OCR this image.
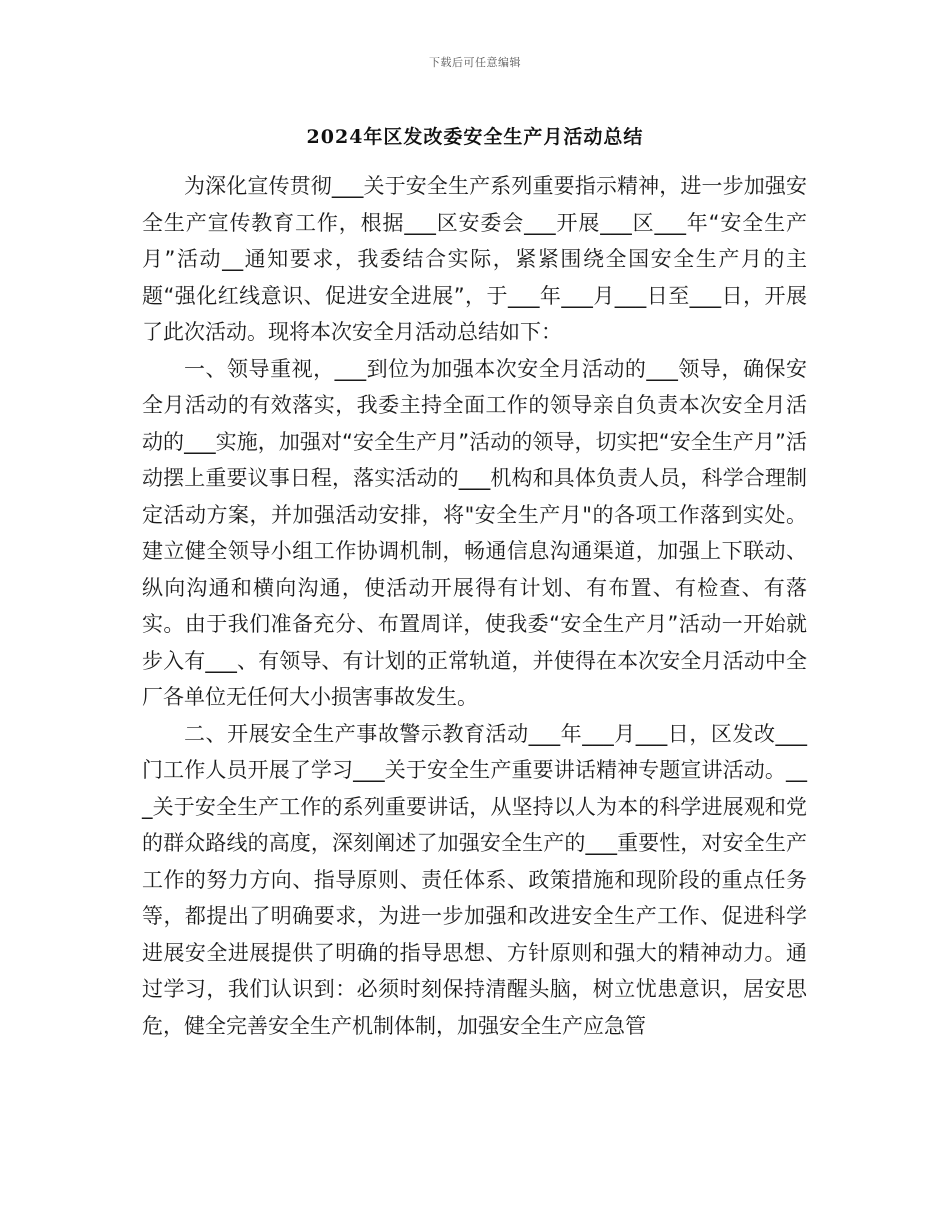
下载后可任意编辑
2024年区发改委安全生产月活动总结

为深化宣传贯彻___关于安全生产系列重要指示精神，进一步加强安全生产宣传教育工作，根据___区安委会___开展___区___年“安全生产月”活动__通知要求，我委结合实际，紧紧围绕全国安全生产月的主题“强化红线意识、促进安全进展”，于___年___月___日至___日，开展了此次活动。现将本次安全月活动总结如下：

一、领导重视，___到位为加强本次安全月活动的___领导，确保安全月活动的有效落实，我委主持全面工作的领导亲自负责本次安全月活动的___实施，加强对“安全生产月”活动的领导，切实把“安全生产月”活动摆上重要议事日程，落实活动的___机构和具体负责人员，科学合理制定活动方案，并加强活动安排，将"安全生产月"的各项工作落到实处。建立健全领导小组工作协调机制，畅通信息沟通渠道，加强上下联动、纵向沟通和横向沟通，使活动开展得有计划、有布置、有检查、有落实。由于我们准备充分、布置周详，使我委“安全生产月”活动一开始就步入有___、有领导、有计划的正常轨道，并使得在本次安全月活动中全厂各单位无任何大小损害事故发生。

二、开展安全生产事故警示教育活动___年___月___日，区发改___门工作人员开展了学习___关于安全生产重要讲话精神专题宣讲活动。___关于安全生产工作的系列重要讲话，从坚持以人为本的科学进展观和党的群众路线的高度，深刻阐述了加强安全生产的___重要性，对安全生产工作的努力方向、指导原则、责任体系、政策措施和现阶段的重点任务等，都提出了明确要求，为进一步加强和改进安全生产工作、促进科学进展安全进展提供了明确的指导思想、方针原则和强大的精神动力。通过学习，我们认识到：必须时刻保持清醒头脑，树立忧患意识，居安思危，健全完善安全生产机制体制，加强安全生产应急管
